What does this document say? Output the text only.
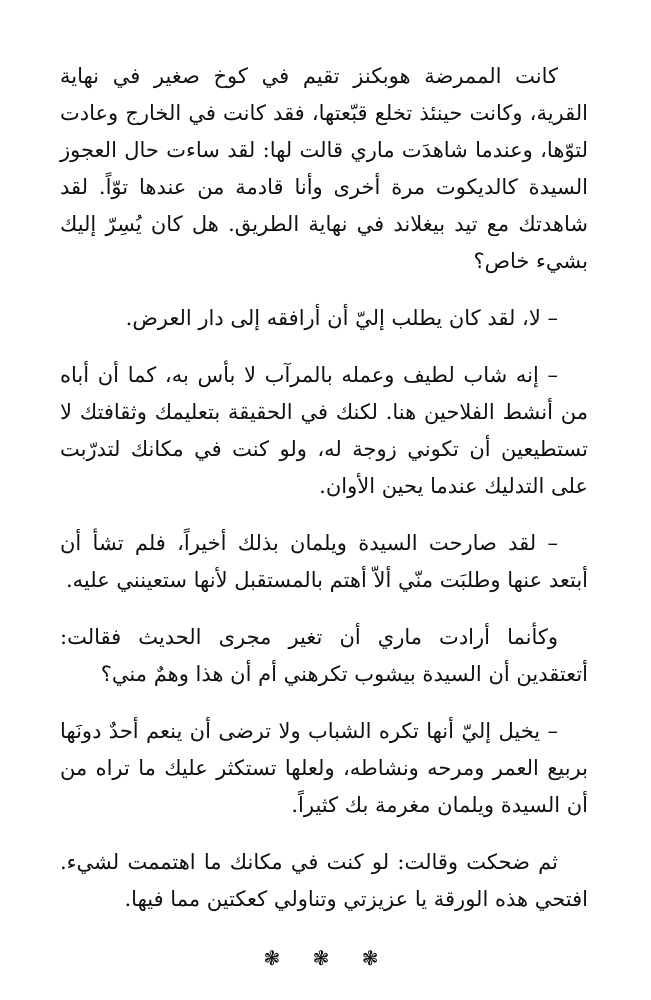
كانت الممرضة هوبكنز تقيم في كوخ صغير في نهاية القرية، وكانت حينئذ تخلع قبّعتها، فقد كانت في الخارج وعادت لتوّها، وعندما شاهدَت ماري قالت لها: لقد ساءت حال العجوز السيدة كالديكوت مرة أخرى وأنا قادمة من عندها توّاً. لقد شاهدتك مع تيد بيغلاند في نهاية الطريق. هل كان يُسِرّ إليك بشيء خاص؟

– لا، لقد كان يطلب إليّ أن أرافقه إلى دار العرض.

– إنه شاب لطيف وعمله بالمرآب لا بأس به، كما أن أباه من أنشط الفلاحين هنا. لكنك في الحقيقة بتعليمك وثقافتك لا تستطيعين أن تكوني زوجة له، ولو كنت في مكانك لتدرّبت على التدليك عندما يحين الأوان.

– لقد صارحت السيدة ويلمان بذلك أخيراً، فلم تشأ أن أبتعد عنها وطلبَت منّي ألاّ أهتم بالمستقبل لأنها ستعينني عليه.

وكأنما أرادت ماري أن تغير مجرى الحديث فقالت: أتعتقدين أن السيدة بيشوب تكرهني أم أن هذا وهمٌ مني؟

– يخيل إليّ أنها تكره الشباب ولا ترضى أن ينعم أحدٌ دونَها بربيع العمر ومرحه ونشاطه، ولعلها تستكثر عليك ما تراه من أن السيدة ويلمان مغرمة بك كثيراً.

ثم ضحكت وقالت: لو كنت في مكانك ما اهتممت لشيء. افتحي هذه الورقة يا عزيزتي وتناولي كعكتين مما فيها.

❃ ❃ ❃
